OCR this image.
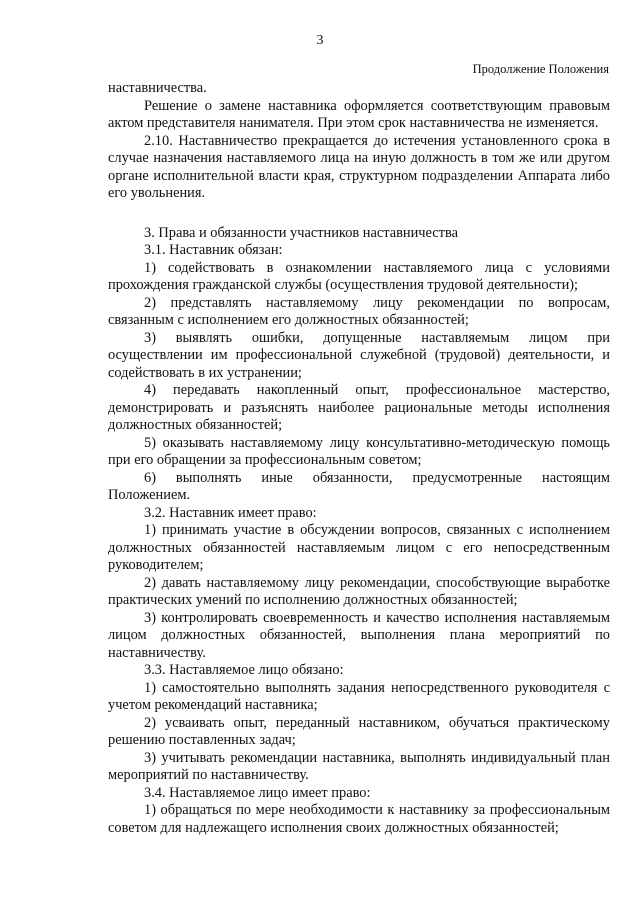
3
Продолжение Положения

наставничества.

Решение о замене наставника оформляется соответствующим правовым актом представителя нанимателя. При этом срок наставничества не изменяется.

2.10. Наставничество прекращается до истечения установленного срока в случае назначения наставляемого лица на иную должность в том же или другом органе исполнительной власти края, структурном подразделении Аппарата либо его увольнения.

3. Права и обязанности участников наставничества

3.1. Наставник обязан:

1) содействовать в ознакомлении наставляемого лица с условиями прохождения гражданской службы (осуществления трудовой деятельности);

2) представлять наставляемому лицу рекомендации по вопросам, связанным с исполнением его должностных обязанностей;

3) выявлять ошибки, допущенные наставляемым лицом при осуществлении им профессиональной служебной (трудовой) деятельности, и содействовать в их устранении;

4) передавать накопленный опыт, профессиональное мастерство, демонстрировать и разъяснять наиболее рациональные методы исполнения должностных обязанностей;

5) оказывать наставляемому лицу консультативно-методическую помощь при его обращении за профессиональным советом;

6) выполнять иные обязанности, предусмотренные настоящим Положением.

3.2. Наставник имеет право:

1) принимать участие в обсуждении вопросов, связанных с исполнением должностных обязанностей наставляемым лицом с его непосредственным руководителем;

2) давать наставляемому лицу рекомендации, способствующие выработке практических умений по исполнению должностных обязанностей;

3) контролировать своевременность и качество исполнения наставляемым лицом должностных обязанностей, выполнения плана мероприятий по наставничеству.

3.3. Наставляемое лицо обязано:

1) самостоятельно выполнять задания непосредственного руководителя с учетом рекомендаций наставника;

2) усваивать опыт, переданный наставником, обучаться практическому решению поставленных задач;

3) учитывать рекомендации наставника, выполнять индивидуальный план мероприятий по наставничеству.

3.4. Наставляемое лицо имеет право:

1) обращаться по мере необходимости к наставнику за профессиональным советом для надлежащего исполнения своих должностных обязанностей;
